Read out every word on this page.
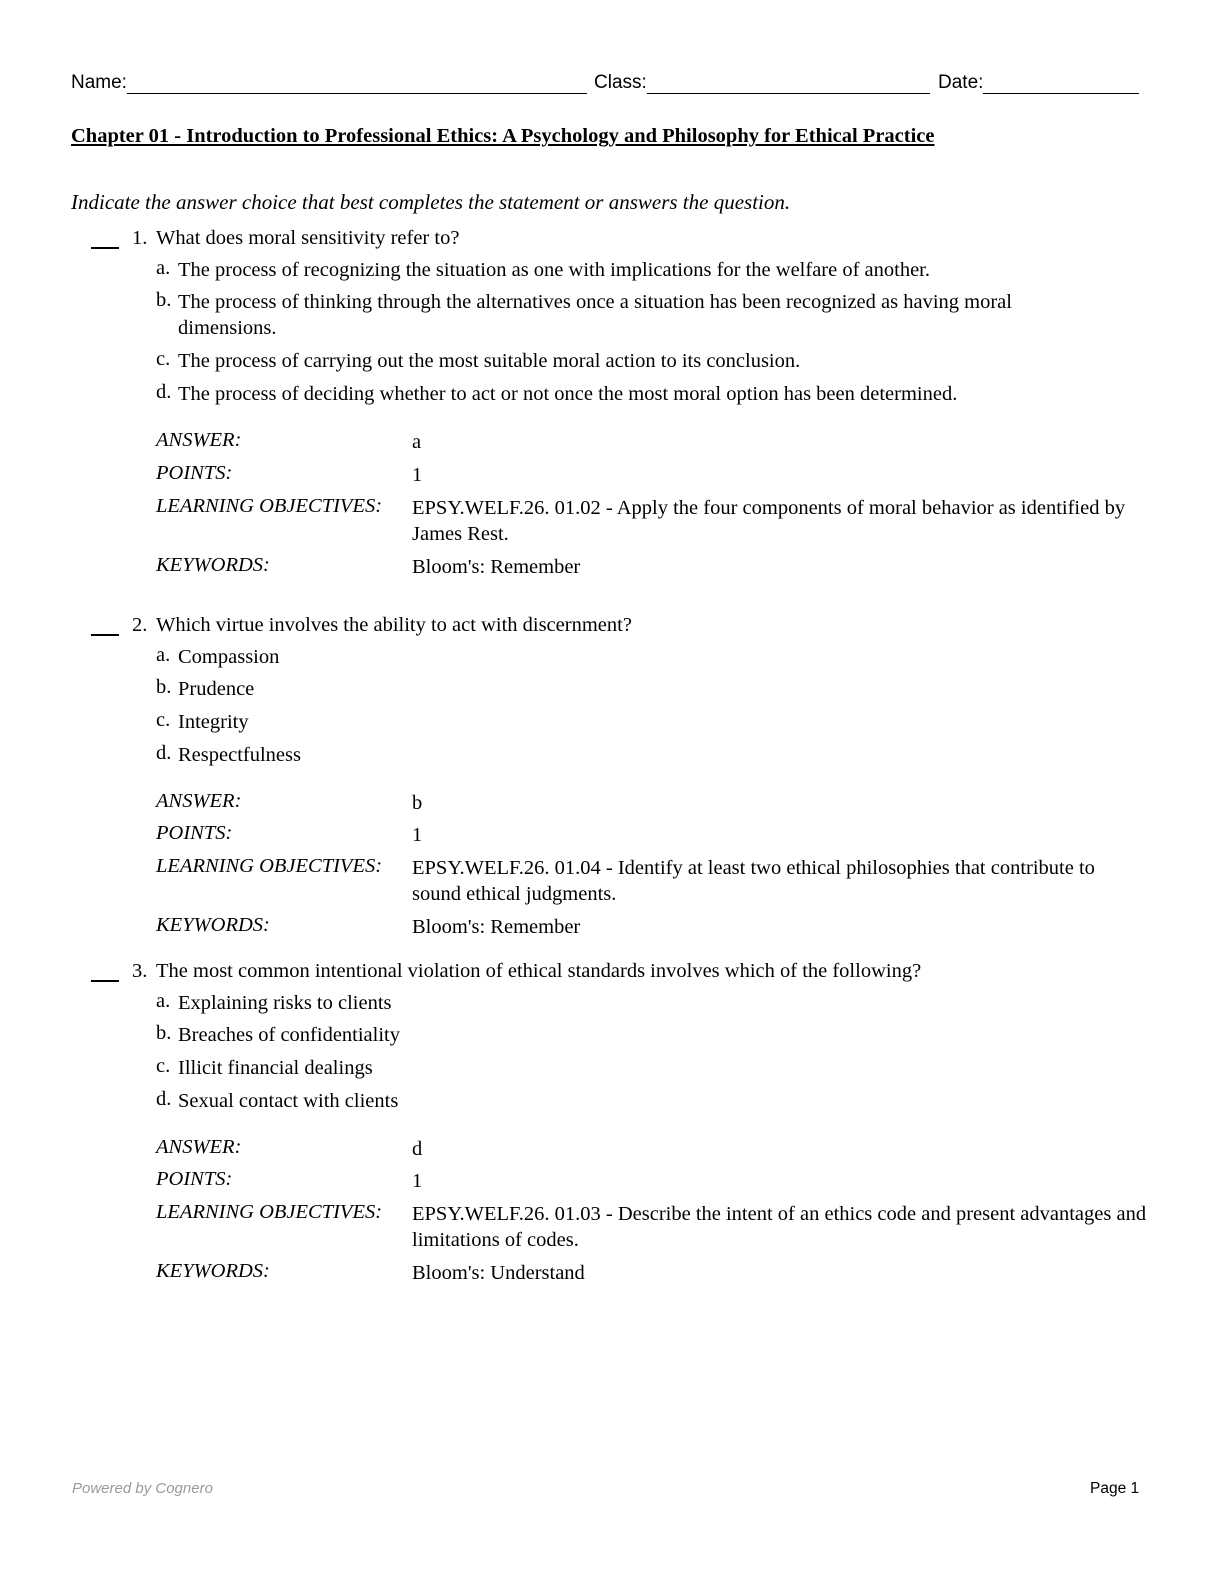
Name:	Class:	Date:
Chapter 01 - Introduction to Professional Ethics: A Psychology and Philosophy for Ethical Practice
Indicate the answer choice that best completes the statement or answers the question.
1. What does moral sensitivity refer to?
a. The process of recognizing the situation as one with implications for the welfare of another.
b. The process of thinking through the alternatives once a situation has been recognized as having moral dimensions.
c. The process of carrying out the most suitable moral action to its conclusion.
d. The process of deciding whether to act or not once the most moral option has been determined.
ANSWER:	a
POINTS:	1
LEARNING OBJECTIVES: EPSY.WELF.26. 01.02 - Apply the four components of moral behavior as identified by James Rest.
KEYWORDS:	Bloom's: Remember
2. Which virtue involves the ability to act with discernment?
a. Compassion
b. Prudence
c. Integrity
d. Respectfulness
ANSWER:	b
POINTS:	1
LEARNING OBJECTIVES: EPSY.WELF.26. 01.04 - Identify at least two ethical philosophies that contribute to sound ethical judgments.
KEYWORDS:	Bloom's: Remember
3. The most common intentional violation of ethical standards involves which of the following?
a. Explaining risks to clients
b. Breaches of confidentiality
c. Illicit financial dealings
d. Sexual contact with clients
ANSWER:	d
POINTS:	1
LEARNING OBJECTIVES: EPSY.WELF.26. 01.03 - Describe the intent of an ethics code and present advantages and limitations of codes.
KEYWORDS:	Bloom's: Understand
Powered by Cognero	Page 1
